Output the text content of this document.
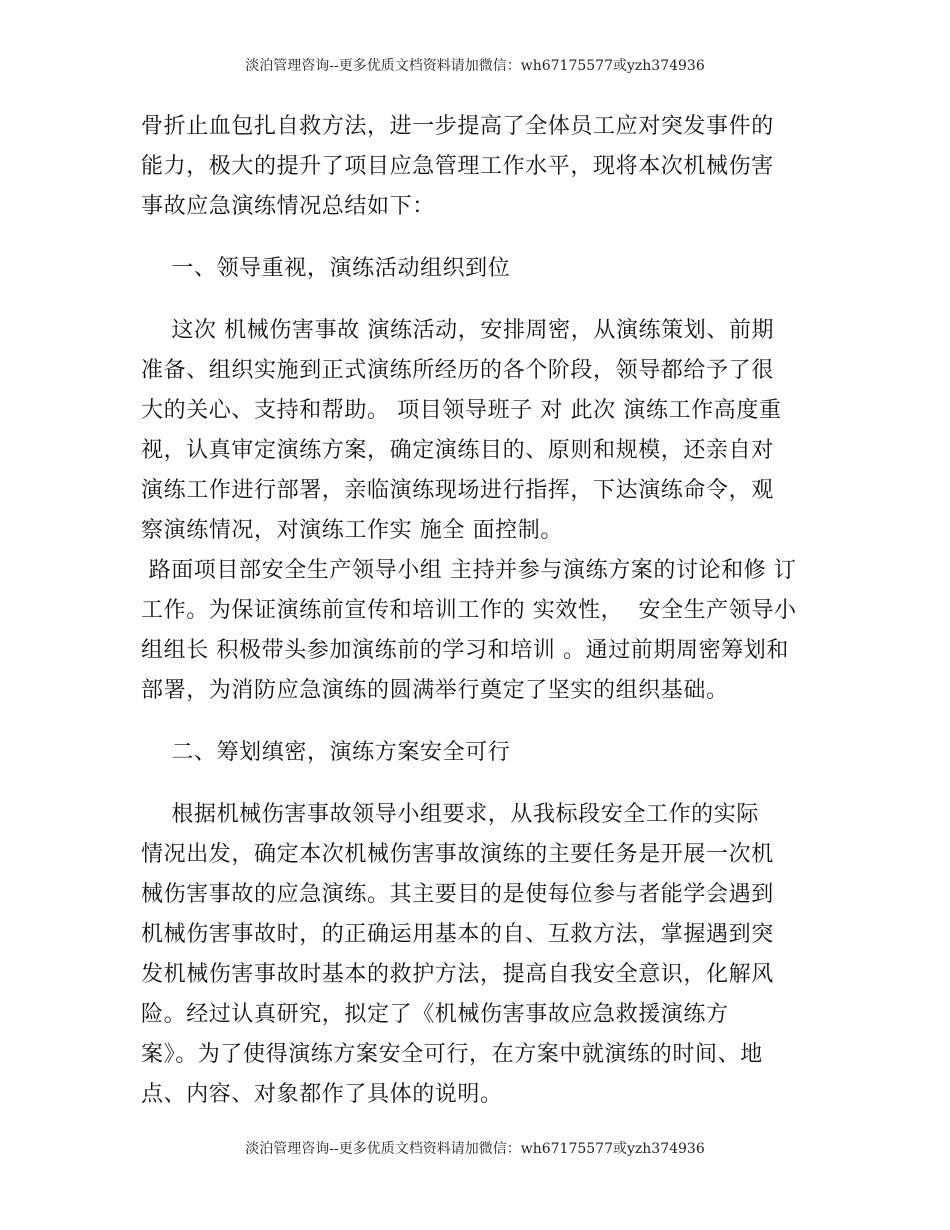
淡泊管理咨询--更多优质文档资料请加微信：wh67175577或yzh374936
骨折止血包扎自救方法，进一步提高了全体员工应对突发事件的
能力，极大的提升了项目应急管理工作水平，现将本次机械伤害
事故应急演练情况总结如下：
一、领导重视，演练活动组织到位
这次 机械伤害事故 演练活动，安排周密，从演练策划、前期
准备、组织实施到正式演练所经历的各个阶段，领导都给予了很
大的关心、支持和帮助。 项目领导班子 对 此次 演练工作高度重
视，认真审定演练方案，确定演练目的、原则和规模，还亲自对
演练工作进行部署，亲临演练现场进行指挥，下达演练命令，观
察演练情况，对演练工作实 施全 面控制。
路面项目部安全生产领导小组 主持并参与演练方案的讨论和修 订
工作。为保证演练前宣传和培训工作的 实效性，  安全生产领导小
组组长 积极带头参加演练前的学习和培训 。通过前期周密筹划和
部署，为消防应急演练的圆满举行奠定了坚实的组织基础。
二、筹划缜密，演练方案安全可行
根据机械伤害事故领导小组要求，从我标段安全工作的实际
情况出发，确定本次机械伤害事故演练的主要任务是开展一次机
械伤害事故的应急演练。其主要目的是使每位参与者能学会遇到
机械伤害事故时，的正确运用基本的自、互救方法，掌握遇到突
发机械伤害事故时基本的救护方法，提高自我安全意识，化解风
险。经过认真研究，拟定了《机械伤害事故应急救援演练方
案》。为了使得演练方案安全可行，在方案中就演练的时间、地
点、内容、对象都作了具体的说明。
淡泊管理咨询--更多优质文档资料请加微信：wh67175577或yzh374936
